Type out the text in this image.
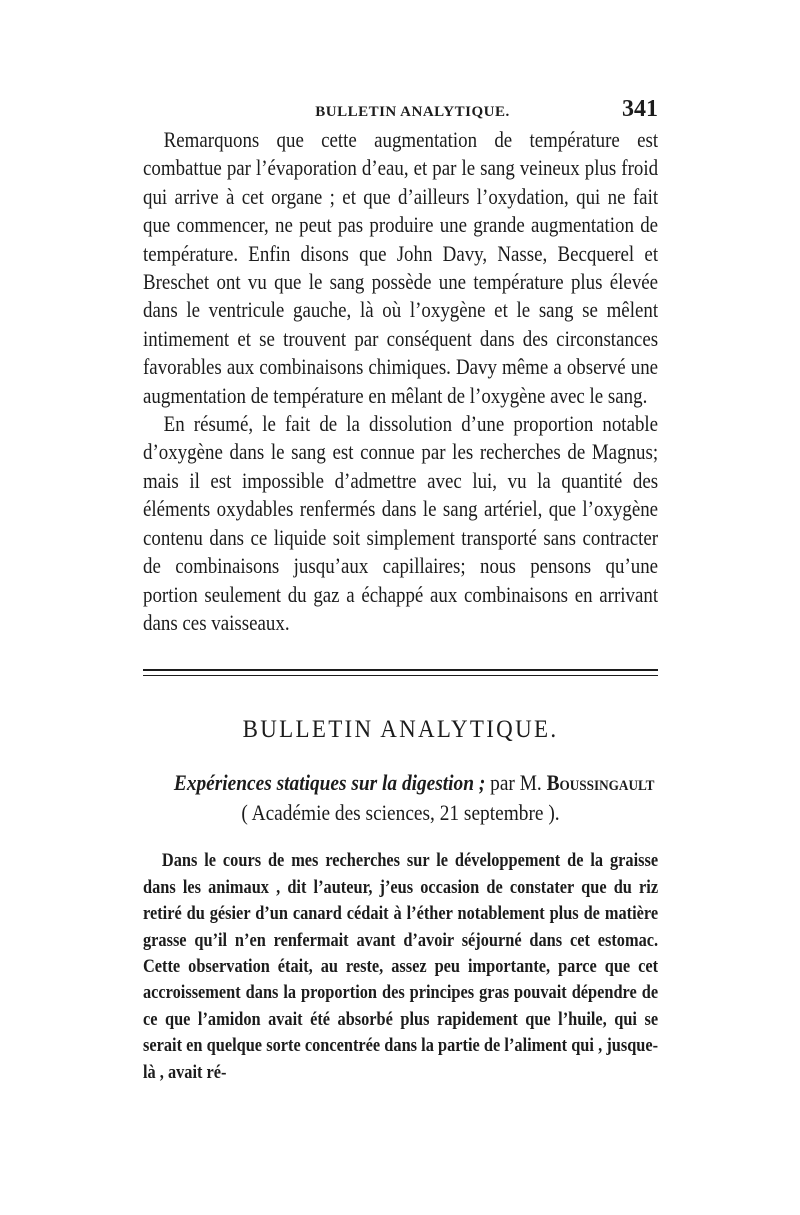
BULLETIN ANALYTIQUE.	341

Remarquons que cette augmentation de température est combattue par l’évaporation d’eau, et par le sang veineux plus froid qui arrive à cet organe ; et que d’ailleurs l’oxydation, qui ne fait que commencer, ne peut pas produire une grande augmentation de température. Enfin disons que John Davy, Nasse, Becquerel et Breschet ont vu que le sang possède une température plus élevée dans le ventricule gauche, là où l’oxygène et le sang se mêlent intimement et se trouvent par conséquent dans des circonstances favorables aux combinaisons chimiques. Davy même a observé une augmentation de température en mêlant de l’oxygène avec le sang.

En résumé, le fait de la dissolution d’une proportion notable d’oxygène dans le sang est connue par les recherches de Magnus; mais il est impossible d’admettre avec lui, vu la quantité des éléments oxydables renfermés dans le sang artériel, que l’oxygène contenu dans ce liquide soit simplement transporté sans contracter de combinaisons jusqu’aux capillaires; nous pensons qu’une portion seulement du gaz a échappé aux combinaisons en arrivant dans ces vaisseaux.

BULLETIN ANALYTIQUE.
Expériences statiques sur la digestion ; par M. Boussingault
( Académie des sciences, 21 septembre ).

Dans le cours de mes recherches sur le développement de la graisse dans les animaux , dit l’auteur, j’eus occasion de constater que du riz retiré du gésier d’un canard cédait à l’éther notablement plus de matière grasse qu’il n’en renfermait avant d’avoir séjourné dans cet estomac. Cette observation était, au reste, assez peu importante, parce que cet accroissement dans la proportion des principes gras pouvait dépendre de ce que l’amidon avait été absorbé plus rapidement que l’huile, qui se serait en quelque sorte concentrée dans la partie de l’aliment qui , jusque-là , avait ré-
